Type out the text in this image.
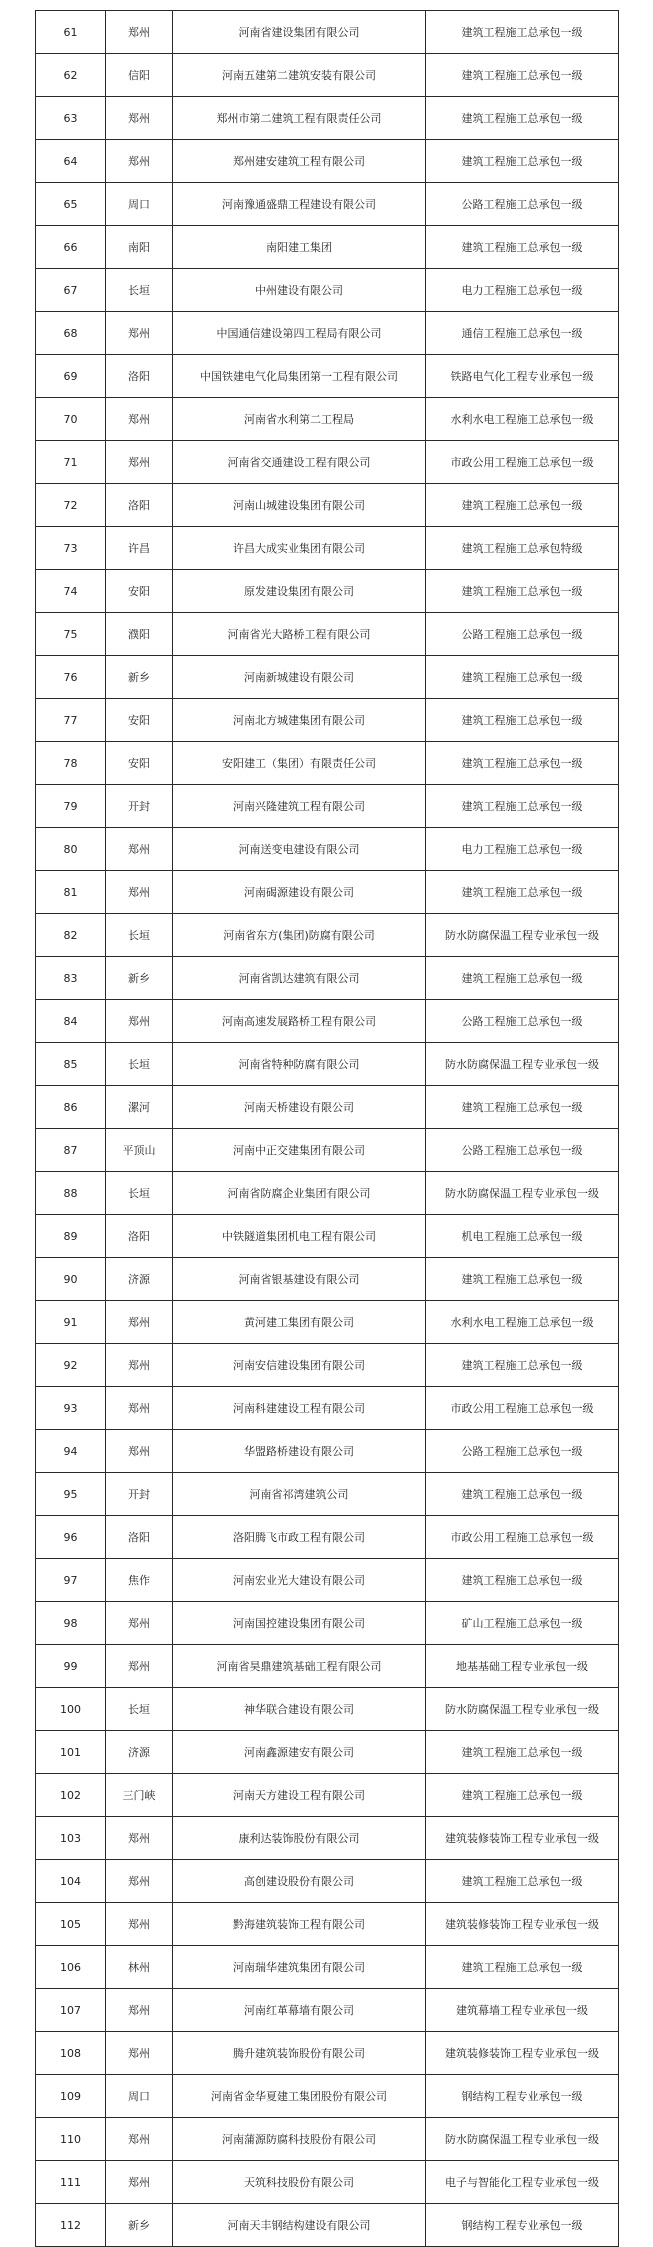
61	郑州	河南省建设集团有限公司	建筑工程施工总承包一级
62	信阳	河南五建第二建筑安装有限公司	建筑工程施工总承包一级
63	郑州	郑州市第二建筑工程有限责任公司	建筑工程施工总承包一级
64	郑州	郑州建安建筑工程有限公司	建筑工程施工总承包一级
65	周口	河南豫通盛鼎工程建设有限公司	公路工程施工总承包一级
66	南阳	南阳建工集团	建筑工程施工总承包一级
67	长垣	中州建设有限公司	电力工程施工总承包一级
68	郑州	中国通信建设第四工程局有限公司	通信工程施工总承包一级
69	洛阳	中国铁建电气化局集团第一工程有限公司	铁路电气化工程专业承包一级
70	郑州	河南省水利第二工程局	水利水电工程施工总承包一级
71	郑州	河南省交通建设工程有限公司	市政公用工程施工总承包一级
72	洛阳	河南山城建设集团有限公司	建筑工程施工总承包一级
73	许昌	许昌大成实业集团有限公司	建筑工程施工总承包特级
74	安阳	原发建设集团有限公司	建筑工程施工总承包一级
75	濮阳	河南省光大路桥工程有限公司	公路工程施工总承包一级
76	新乡	河南新城建设有限公司	建筑工程施工总承包一级
77	安阳	河南北方城建集团有限公司	建筑工程施工总承包一级
78	安阳	安阳建工（集团）有限责任公司	建筑工程施工总承包一级
79	开封	河南兴隆建筑工程有限公司	建筑工程施工总承包一级
80	郑州	河南送变电建设有限公司	电力工程施工总承包一级
81	郑州	河南碣源建设有限公司	建筑工程施工总承包一级
82	长垣	河南省东方(集团)防腐有限公司	防水防腐保温工程专业承包一级
83	新乡	河南省凯达建筑有限公司	建筑工程施工总承包一级
84	郑州	河南高速发展路桥工程有限公司	公路工程施工总承包一级
85	长垣	河南省特种防腐有限公司	防水防腐保温工程专业承包一级
86	漯河	河南天桥建设有限公司	建筑工程施工总承包一级
87	平顶山	河南中正交建集团有限公司	公路工程施工总承包一级
88	长垣	河南省防腐企业集团有限公司	防水防腐保温工程专业承包一级
89	洛阳	中铁隧道集团机电工程有限公司	机电工程施工总承包一级
90	济源	河南省银基建设有限公司	建筑工程施工总承包一级
91	郑州	黄河建工集团有限公司	水利水电工程施工总承包一级
92	郑州	河南安信建设集团有限公司	建筑工程施工总承包一级
93	郑州	河南科建建设工程有限公司	市政公用工程施工总承包一级
94	郑州	华盟路桥建设有限公司	公路工程施工总承包一级
95	开封	河南省祁湾建筑公司	建筑工程施工总承包一级
96	洛阳	洛阳腾飞市政工程有限公司	市政公用工程施工总承包一级
97	焦作	河南宏业光大建设有限公司	建筑工程施工总承包一级
98	郑州	河南国控建设集团有限公司	矿山工程施工总承包一级
99	郑州	河南省昊鼎建筑基础工程有限公司	地基基础工程专业承包一级
100	长垣	神华联合建设有限公司	防水防腐保温工程专业承包一级
101	济源	河南鑫源建安有限公司	建筑工程施工总承包一级
102	三门峡	河南天方建设工程有限公司	建筑工程施工总承包一级
103	郑州	康利达装饰股份有限公司	建筑装修装饰工程专业承包一级
104	郑州	高创建设股份有限公司	建筑工程施工总承包一级
105	郑州	黔海建筑装饰工程有限公司	建筑装修装饰工程专业承包一级
106	林州	河南瑞华建筑集团有限公司	建筑工程施工总承包一级
107	郑州	河南红革幕墙有限公司	建筑幕墙工程专业承包一级
108	郑州	腾升建筑装饰股份有限公司	建筑装修装饰工程专业承包一级
109	周口	河南省金华夏建工集团股份有限公司	钢结构工程专业承包一级
110	郑州	河南蒲源防腐科技股份有限公司	防水防腐保温工程专业承包一级
111	郑州	天筑科技股份有限公司	电子与智能化工程专业承包一级
112	新乡	河南天丰钢结构建设有限公司	钢结构工程专业承包一级
